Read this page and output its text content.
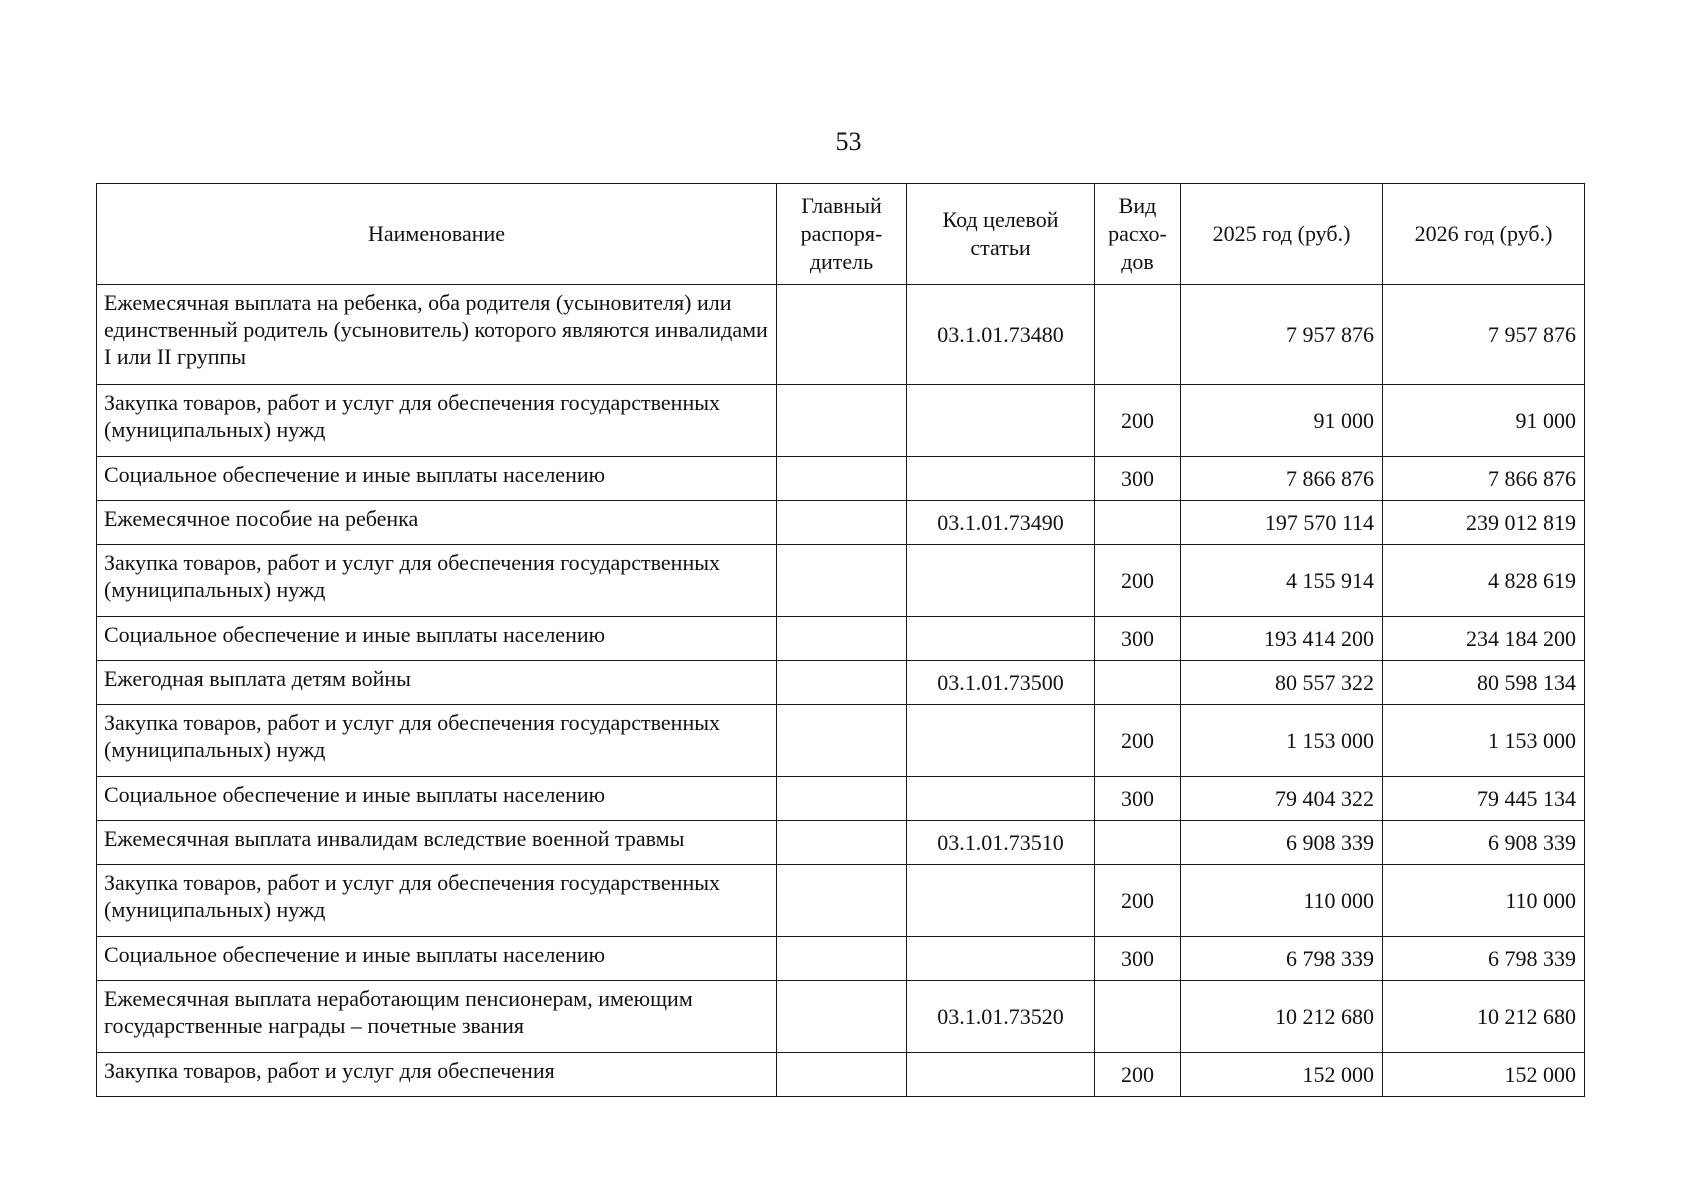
53
Наименование	Главный распоря-дитель	Код целевой статьи	Вид расхо-дов	2025 год (руб.)	2026 год (руб.)
Ежемесячная выплата на ребенка, оба родителя (усыновителя) или единственный родитель (усыновитель) которого являются инвалидами I или II группы		03.1.01.73480		7 957 876	7 957 876
Закупка товаров, работ и услуг для обеспечения государственных (муниципальных) нужд			200	91 000	91 000
Социальное обеспечение и иные выплаты населению			300	7 866 876	7 866 876
Ежемесячное пособие на ребенка		03.1.01.73490		197 570 114	239 012 819
Закупка товаров, работ и услуг для обеспечения государственных (муниципальных) нужд			200	4 155 914	4 828 619
Социальное обеспечение и иные выплаты населению			300	193 414 200	234 184 200
Ежегодная выплата детям войны		03.1.01.73500		80 557 322	80 598 134
Закупка товаров, работ и услуг для обеспечения государственных (муниципальных) нужд			200	1 153 000	1 153 000
Социальное обеспечение и иные выплаты населению			300	79 404 322	79 445 134
Ежемесячная выплата инвалидам вследствие военной травмы		03.1.01.73510		6 908 339	6 908 339
Закупка товаров, работ и услуг для обеспечения государственных (муниципальных) нужд			200	110 000	110 000
Социальное обеспечение и иные выплаты населению			300	6 798 339	6 798 339
Ежемесячная выплата неработающим пенсионерам, имеющим государственные награды – почетные звания		03.1.01.73520		10 212 680	10 212 680
Закупка товаров, работ и услуг для обеспечения			200	152 000	152 000
